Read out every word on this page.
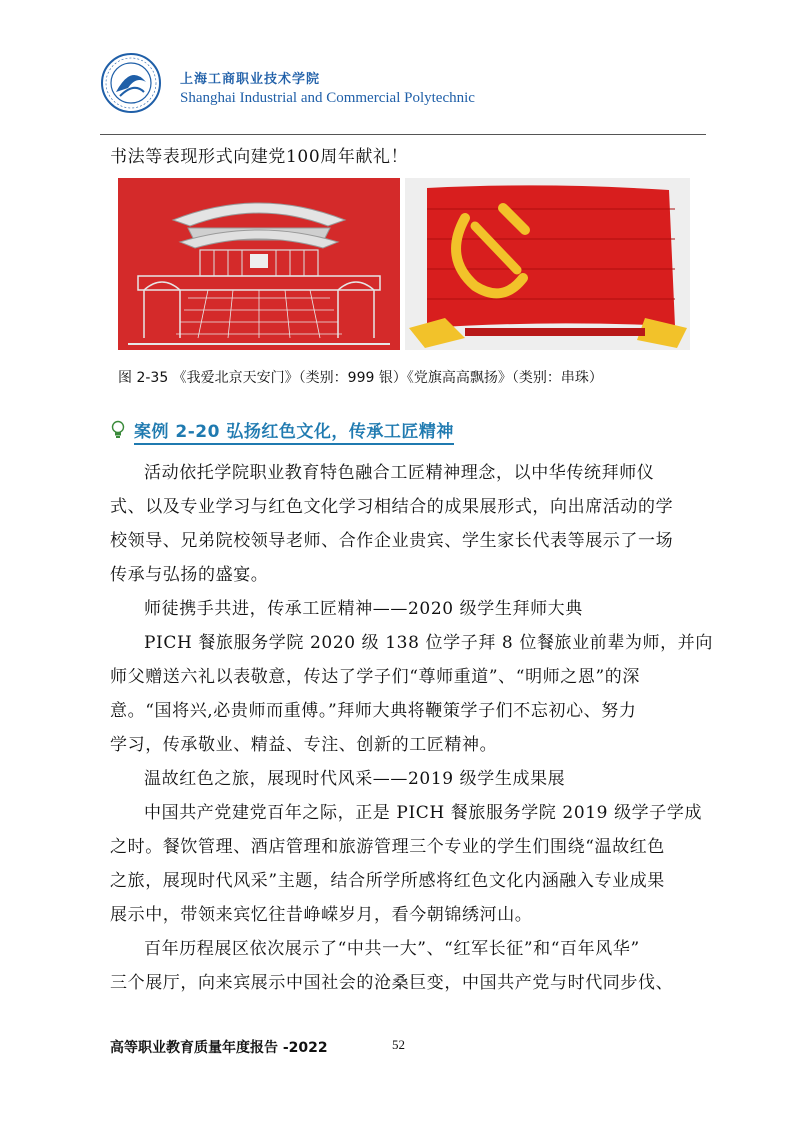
上海工商职业技术学院
Shanghai Industrial and Commercial Polytechnic
书法等表现形式向建党100周年献礼！
图 2-35 《我爱北京天安门》（类别：999 银）《党旗高高飘扬》（类别：串珠）
案例 2-20 弘扬红色文化，传承工匠精神
活动依托学院职业教育特色融合工匠精神理念，以中华传统拜师仪
式、以及专业学习与红色文化学习相结合的成果展形式，向出席活动的学
校领导、兄弟院校领导老师、合作企业贵宾、学生家长代表等展示了一场
传承与弘扬的盛宴。
师徒携手共进，传承工匠精神——2020 级学生拜师大典
PICH 餐旅服务学院 2020 级 138 位学子拜 8 位餐旅业前辈为师，并向
师父赠送六礼以表敬意，传达了学子们“尊师重道”、“明师之恩”的深
意。“国将兴,必贵师而重傅。”拜师大典将鞭策学子们不忘初心、努力
学习，传承敬业、精益、专注、创新的工匠精神。
温故红色之旅，展现时代风采——2019 级学生成果展
中国共产党建党百年之际，正是 PICH 餐旅服务学院 2019 级学子学成
之时。餐饮管理、酒店管理和旅游管理三个专业的学生们围绕“温故红色
之旅，展现时代风采”主题，结合所学所感将红色文化内涵融入专业成果
展示中，带领来宾忆往昔峥嵘岁月，看今朝锦绣河山。
百年历程展区依次展示了“中共一大”、“红军长征”和“百年风华”
三个展厅，向来宾展示中国社会的沧桑巨变，中国共产党与时代同步伐、
高等职业教育质量年度报告 -2022	52
